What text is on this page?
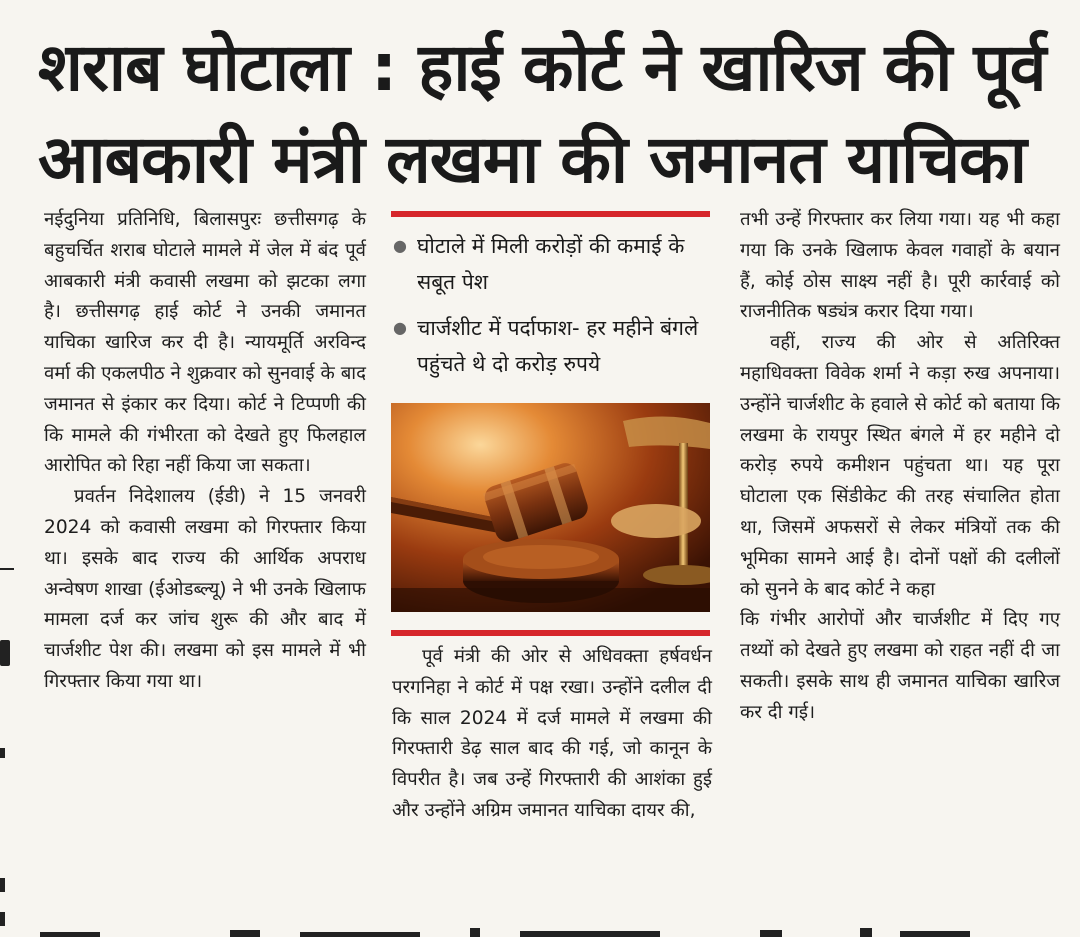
शराब घोटाला : हाई कोर्ट ने खारिज की पूर्व
आबकारी मंत्री लखमा की जमानत याचिका

नईदुनिया प्रतिनिधि, बिलासपुरः छत्तीसगढ़ के बहुचर्चित शराब घोटाले मामले में जेल में बंद पूर्व आबकारी मंत्री कवासी लखमा को झटका लगा है। छत्तीसगढ़ हाई कोर्ट ने उनकी जमानत याचिका खारिज कर दी है। न्यायमूर्ति अरविन्द वर्मा की एकलपीठ ने शुक्रवार को सुनवाई के बाद जमानत से इंकार कर दिया। कोर्ट ने टिप्पणी की कि मामले की गंभीरता को देखते हुए फिलहाल आरोपित को रिहा नहीं किया जा सकता।

प्रवर्तन निदेशालय (ईडी) ने 15 जनवरी 2024 को कवासी लखमा को गिरफ्तार किया था। इसके बाद राज्य की आर्थिक अपराध अन्वेषण शाखा (ईओडब्ल्यू) ने भी उनके खिलाफ मामला दर्ज कर जांच शुरू की और बाद में चार्जशीट पेश की। लखमा को इस मामले में भी गिरफ्तार किया गया था।

● घोटाले में मिली करोड़ों की कमाई के सबूत पेश
● चार्जशीट में पर्दाफाश- हर महीने बंगले पहुंचते थे दो करोड़ रुपये

पूर्व मंत्री की ओर से अधिवक्ता हर्षवर्धन परगनिहा ने कोर्ट में पक्ष रखा। उन्होंने दलील दी कि साल 2024 में दर्ज मामले में लखमा की गिरफ्तारी डेढ़ साल बाद की गई, जो कानून के विपरीत है। जब उन्हें गिरफ्तारी की आशंका हुई और उन्होंने अग्रिम जमानत याचिका दायर की,

तभी उन्हें गिरफ्तार कर लिया गया। यह भी कहा गया कि उनके खिलाफ केवल गवाहों के बयान हैं, कोई ठोस साक्ष्य नहीं है। पूरी कार्रवाई को राजनीतिक षड्यंत्र करार दिया गया।

वहीं, राज्य की ओर से अतिरिक्त महाधिवक्ता विवेक शर्मा ने कड़ा रुख अपनाया। उन्होंने चार्जशीट के हवाले से कोर्ट को बताया कि लखमा के रायपुर स्थित बंगले में हर महीने दो करोड़ रुपये कमीशन पहुंचता था। यह पूरा घोटाला एक सिंडीकेट की तरह संचालित होता था, जिसमें अफसरों से लेकर मंत्रियों तक की भूमिका सामने आई है। दोनों पक्षों की दलीलों को सुनने के बाद कोर्ट ने कहा

कि गंभीर आरोपों और चार्जशीट में दिए गए तथ्यों को देखते हुए लखमा को राहत नहीं दी जा सकती। इसके साथ ही जमानत याचिका खारिज कर दी गई।
